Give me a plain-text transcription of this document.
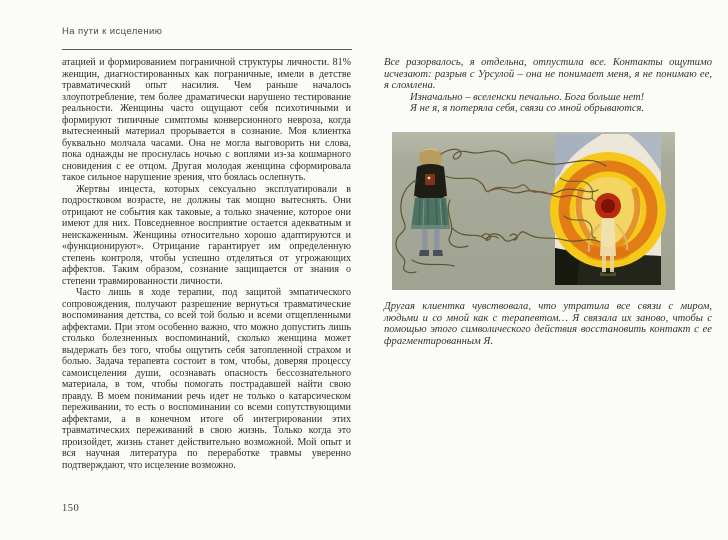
На пути к исцелению

атацией и формированием пограничной структуры личности. 81% женщин, диагностированных как пограничные, имели в детстве травматический опыт насилия. Чем раньше началось злоупотребление, тем более драматически нарушено тестирование реальности. Женщины часто ощущают себя психотичными и формируют типичные симптомы конверсионного невроза, когда вытесненный материал прорывается в сознание. Моя клиентка буквально молчала часами. Она не могла выговорить ни слова, пока однажды не проснулась ночью с воплями из-за кошмарного сновидения с ее отцом. Другая молодая женщина сформировала такое сильное нарушение зрения, что боялась ослепнуть.

Жертвы инцеста, которых сексуально эксплуатировали в подростковом возрасте, не должны так мощно вытеснять. Они отрицают не события как таковые, а только значение, которое они имеют для них. Повседневное восприятие остается адекватным и неискаженным. Женщины относительно хорошо адаптируются и «функционируют». Отрицание гарантирует им определенную степень контроля, чтобы успешно отделяться от угрожающих аффектов. Таким образом, сознание защищается от знания о степени травмированности личности.

Часто лишь в ходе терапии, под защитой эмпатического сопровождения, получают разрешение вернуться травматические воспоминания детства, со всей той болью и всеми отщепленными аффектами. При этом особенно важно, что можно допустить лишь столько болезненных воспоминаний, сколько женщина может выдержать без того, чтобы ощутить себя затопленной страхом и болью. Задача терапевта состоит в том, чтобы, доверяя процессу самоисцеления души, осознавать опасность бессознательного материала, в том, чтобы помогать пострадавшей найти свою правду. В моем понимании речь идет не только о катарсическом переживании, то есть о воспоминании со всеми сопутствующими аффектами, а в конечном итоге об интегрировании этих травматических переживаний в свою жизнь. Только когда это произойдет, жизнь станет действительно возможной. Мой опыт и вся научная литература по переработке травмы уверенно подтверждают, что исцеление возможно.

150

Все разорвалось, я отдельна, отпустила все. Контакты ощутимо исчезают: разрыв с Урсулой – она не понимает меня, я не понимаю ее, я сломлена.

Изначально – вселенски печально. Бога больше нет!

Я не я, я потеряла себя, связи со мной обрываются.

Другая клиентка чувствовала, что утратила все связи с миром, людьми и со мной как с терапевтом… Я связала их заново, чтобы с помощью этого символического действия восстановить контакт с ее фрагментированным Я.
